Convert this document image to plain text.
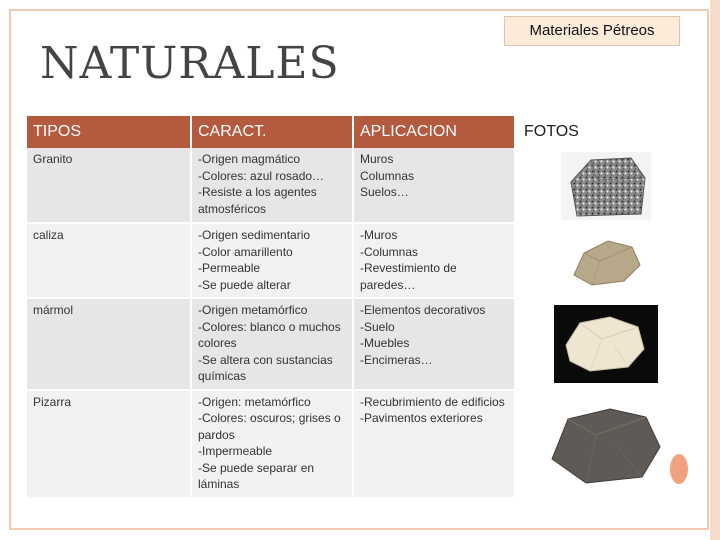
Materiales Pétreos
NATURALES
TIPOS	CARACT.	APLICACION	FOTOS
Granito	-Origen magmático
-Colores: azul rosado…
-Resiste a los agentes atmosféricos	Muros
Columnas
Suelos…

caliza	-Origen sedimentario
-Color amarillento
-Permeable
-Se puede alterar	-Muros
-Columnas
-Revestimiento de paredes…

mármol	-Origen metamórfico
-Colores: blanco o muchos colores
-Se altera con sustancias químicas	-Elementos decorativos
-Suelo
-Muebles
-Encimeras…

Pizarra	-Origen: metamórfico
-Colores: oscuros; grises o pardos
-Impermeable
-Se puede separar en láminas	-Recubrimiento de edificios
-Pavimentos exteriores
